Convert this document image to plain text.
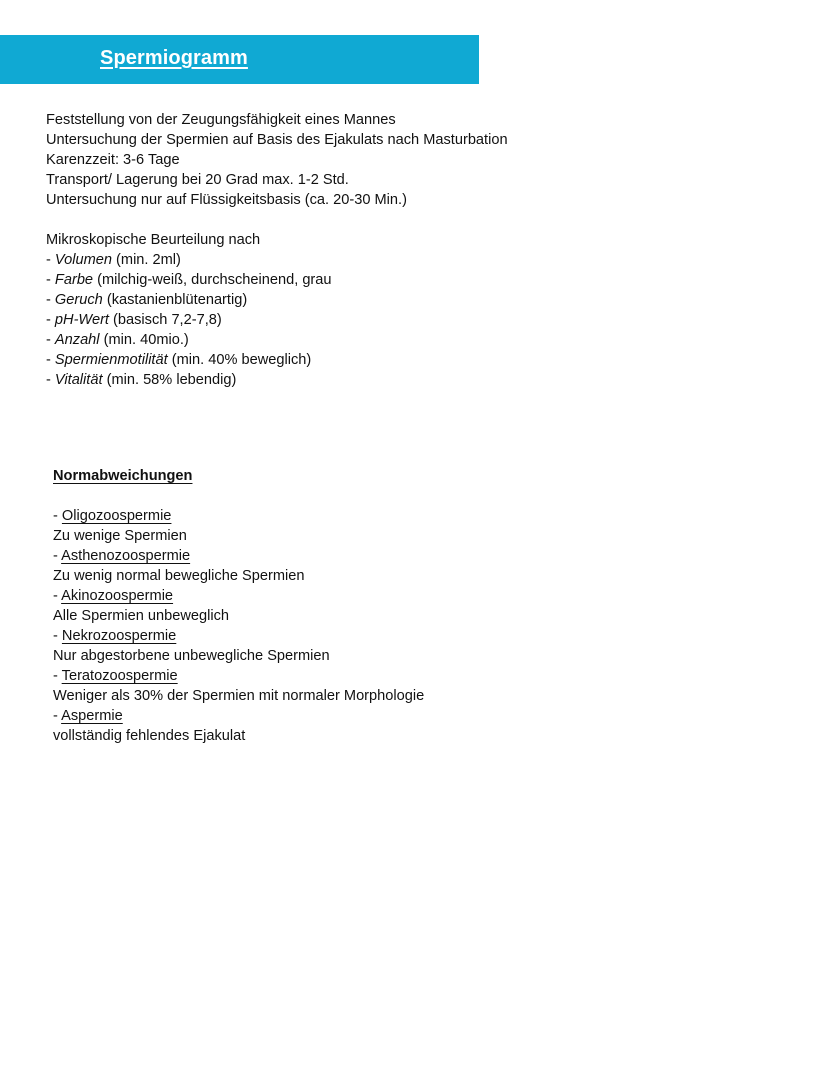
Spermiogramm
Feststellung von der Zeugungsfähigkeit eines Mannes
Untersuchung der Spermien auf Basis des Ejakulats nach Masturbation
Karenzzeit: 3-6 Tage
Transport/ Lagerung bei 20 Grad max. 1-2 Std.
Untersuchung nur auf Flüssigkeitsbasis (ca. 20-30 Min.)
Mikroskopische Beurteilung nach
- Volumen (min. 2ml)
- Farbe (milchig-weiß, durchscheinend, grau
- Geruch (kastanienblütenartig)
- pH-Wert (basisch 7,2-7,8)
- Anzahl (min. 40mio.)
- Spermienmotilität (min. 40% beweglich)
- Vitalität (min. 58% lebendig)
Normabweichungen
- Oligozoospermie
Zu wenige Spermien
- Asthenozoospermie
Zu wenig normal bewegliche Spermien
- Akinozoospermie
Alle Spermien unbeweglich
- Nekrozoospermie
Nur abgestorbene unbewegliche Spermien
- Teratozoospermie
Weniger als 30% der Spermien mit normaler Morphologie
- Aspermie
vollständig fehlendes Ejakulat
